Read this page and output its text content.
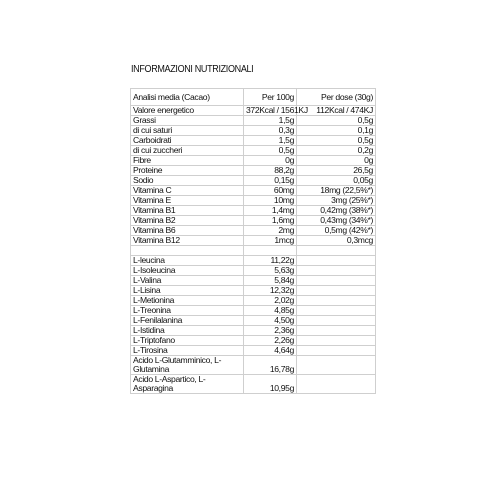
INFORMAZIONI NUTRIZIONALI
Analisi media (Cacao)	Per 100g	Per dose (30g)
Valore energetico	372Kcal / 1561KJ	112Kcal / 474KJ
Grassi	1,5g	0,5g
di cui saturi	0,3g	0,1g
Carboidrati	1,5g	0,5g
di cui zuccheri	0,5g	0,2g
Fibre	0g	0g
Proteine	88,2g	26,5g
Sodio	0,15g	0,05g
Vitamina C	60mg	18mg (22,5%*)
Vitamina E	10mg	3mg (25%*)
Vitamina B1	1,4mg	0,42mg (38%*)
Vitamina B2	1,6mg	0,43mg (34%*)
Vitamina B6	2mg	0,5mg (42%*)
Vitamina B12	1mcg	0,3mcg

L-leucina	11,22g	
L-Isoleucina	5,63g	
L-Valina	5,84g	
L-Lisina	12,32g	
L-Metionina	2,02g	
L-Treonina	4,85g	
L-Fenilalanina	4,50g	
L-Istidina	2,36g	
L-Triptofano	2,26g	
L-Tirosina	4,64g	
Acido L-Glutamminico, L-Glutamina	16,78g	
Acido L-Aspartico, L-Asparagina	10,95g	
